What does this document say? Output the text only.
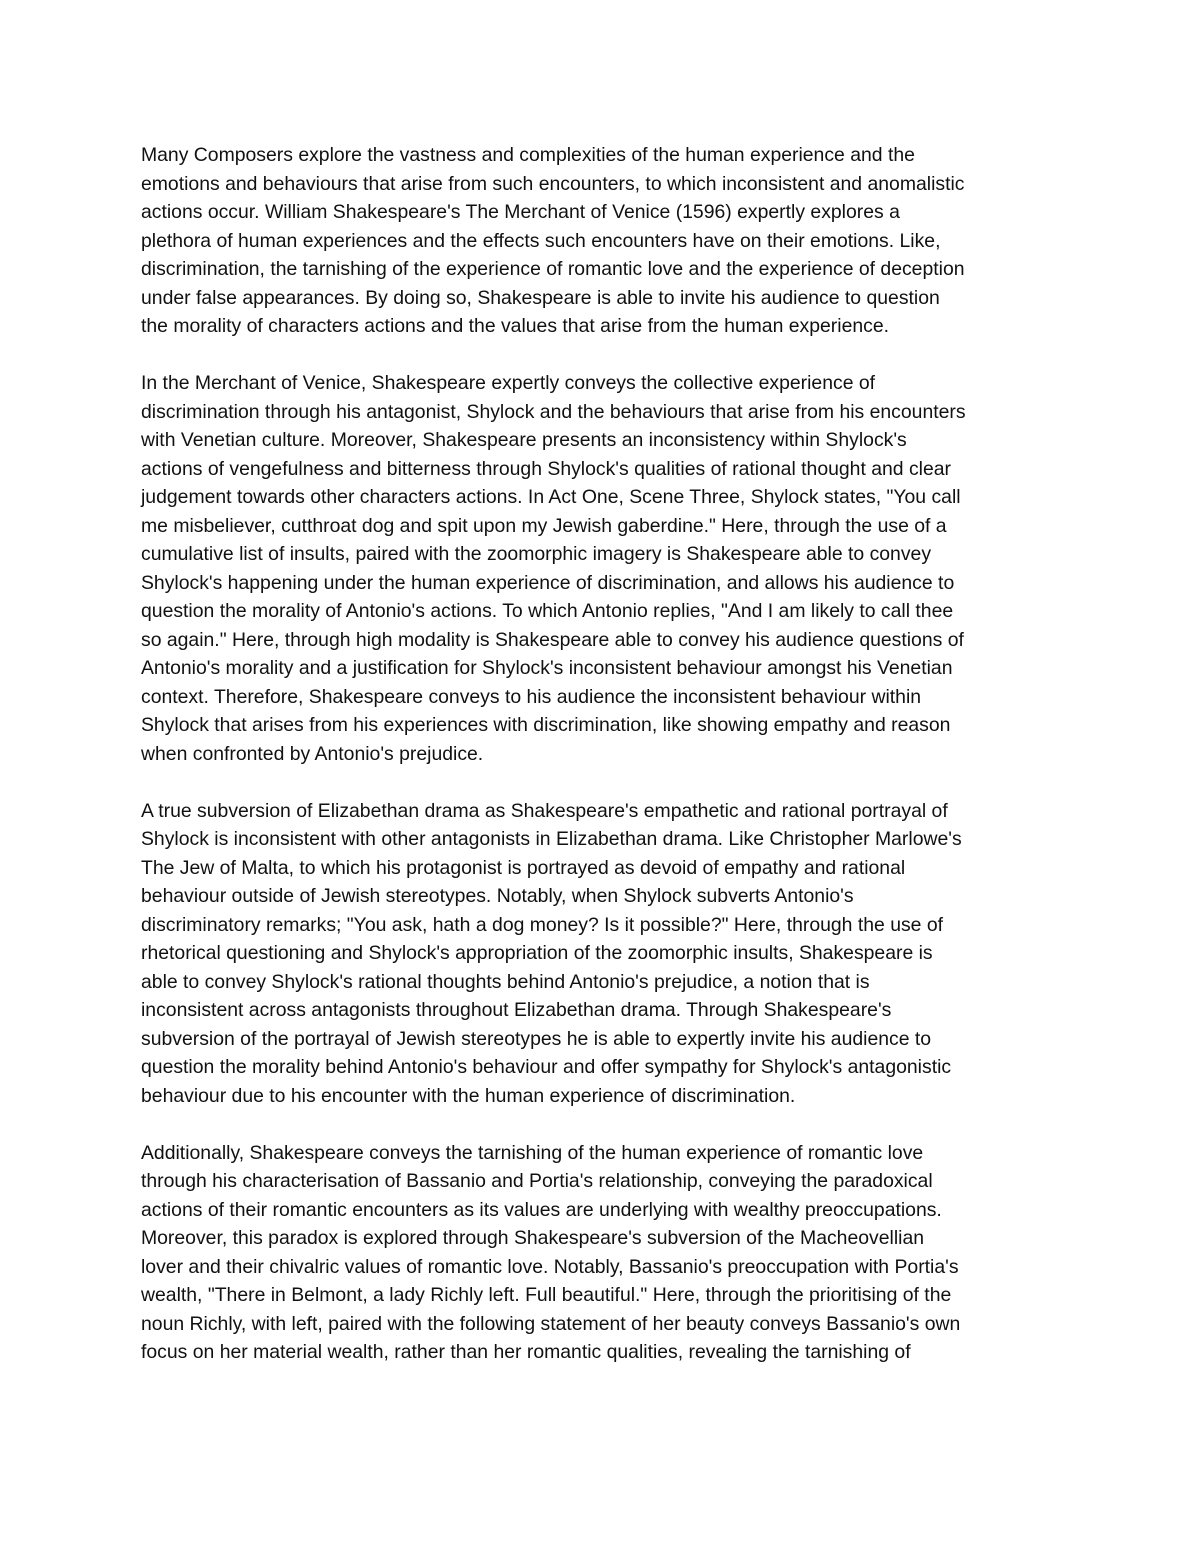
Many Composers explore the vastness and complexities of the human experience and the
emotions and behaviours that arise from such encounters, to which inconsistent and anomalistic
actions occur. William Shakespeare's The Merchant of Venice (1596) expertly explores a
plethora of human experiences and the effects such encounters have on their emotions. Like,
discrimination, the tarnishing of the experience of romantic love and the experience of deception
under false appearances. By doing so, Shakespeare is able to invite his audience to question
the morality of characters actions and the values that arise from the human experience.

In the Merchant of Venice, Shakespeare expertly conveys the collective experience of
discrimination through his antagonist, Shylock and the behaviours that arise from his encounters
with Venetian culture. Moreover, Shakespeare presents an inconsistency within Shylock's
actions of vengefulness and bitterness through Shylock's qualities of rational thought and clear
judgement towards other characters actions. In Act One, Scene Three, Shylock states, "You call
me misbeliever, cutthroat dog and spit upon my Jewish gaberdine." Here, through the use of a
cumulative list of insults, paired with the zoomorphic imagery is Shakespeare able to convey
Shylock's happening under the human experience of discrimination, and allows his audience to
question the morality of Antonio's actions. To which Antonio replies, "And I am likely to call thee
so again." Here, through high modality is Shakespeare able to convey his audience questions of
Antonio's morality and a justification for Shylock's inconsistent behaviour amongst his Venetian
context. Therefore, Shakespeare conveys to his audience the inconsistent behaviour within
Shylock that arises from his experiences with discrimination, like showing empathy and reason
when confronted by Antonio's prejudice.

A true subversion of Elizabethan drama as Shakespeare's empathetic and rational portrayal of
Shylock is inconsistent with other antagonists in Elizabethan drama. Like Christopher Marlowe's
The Jew of Malta, to which his protagonist is portrayed as devoid of empathy and rational
behaviour outside of Jewish stereotypes. Notably, when Shylock subverts Antonio's
discriminatory remarks; "You ask, hath a dog money? Is it possible?" Here, through the use of
rhetorical questioning and Shylock's appropriation of the zoomorphic insults, Shakespeare is
able to convey Shylock's rational thoughts behind Antonio's prejudice, a notion that is
inconsistent across antagonists throughout Elizabethan drama. Through Shakespeare's
subversion of the portrayal of Jewish stereotypes he is able to expertly invite his audience to
question the morality behind Antonio's behaviour and offer sympathy for Shylock's antagonistic
behaviour due to his encounter with the human experience of discrimination.

Additionally, Shakespeare conveys the tarnishing of the human experience of romantic love
through his characterisation of Bassanio and Portia's relationship, conveying the paradoxical
actions of their romantic encounters as its values are underlying with wealthy preoccupations.
Moreover, this paradox is explored through Shakespeare's subversion of the Macheovellian
lover and their chivalric values of romantic love. Notably, Bassanio's preoccupation with Portia's
wealth, "There in Belmont, a lady Richly left. Full beautiful." Here, through the prioritising of the
noun Richly, with left, paired with the following statement of her beauty conveys Bassanio's own
focus on her material wealth, rather than her romantic qualities, revealing the tarnishing of
